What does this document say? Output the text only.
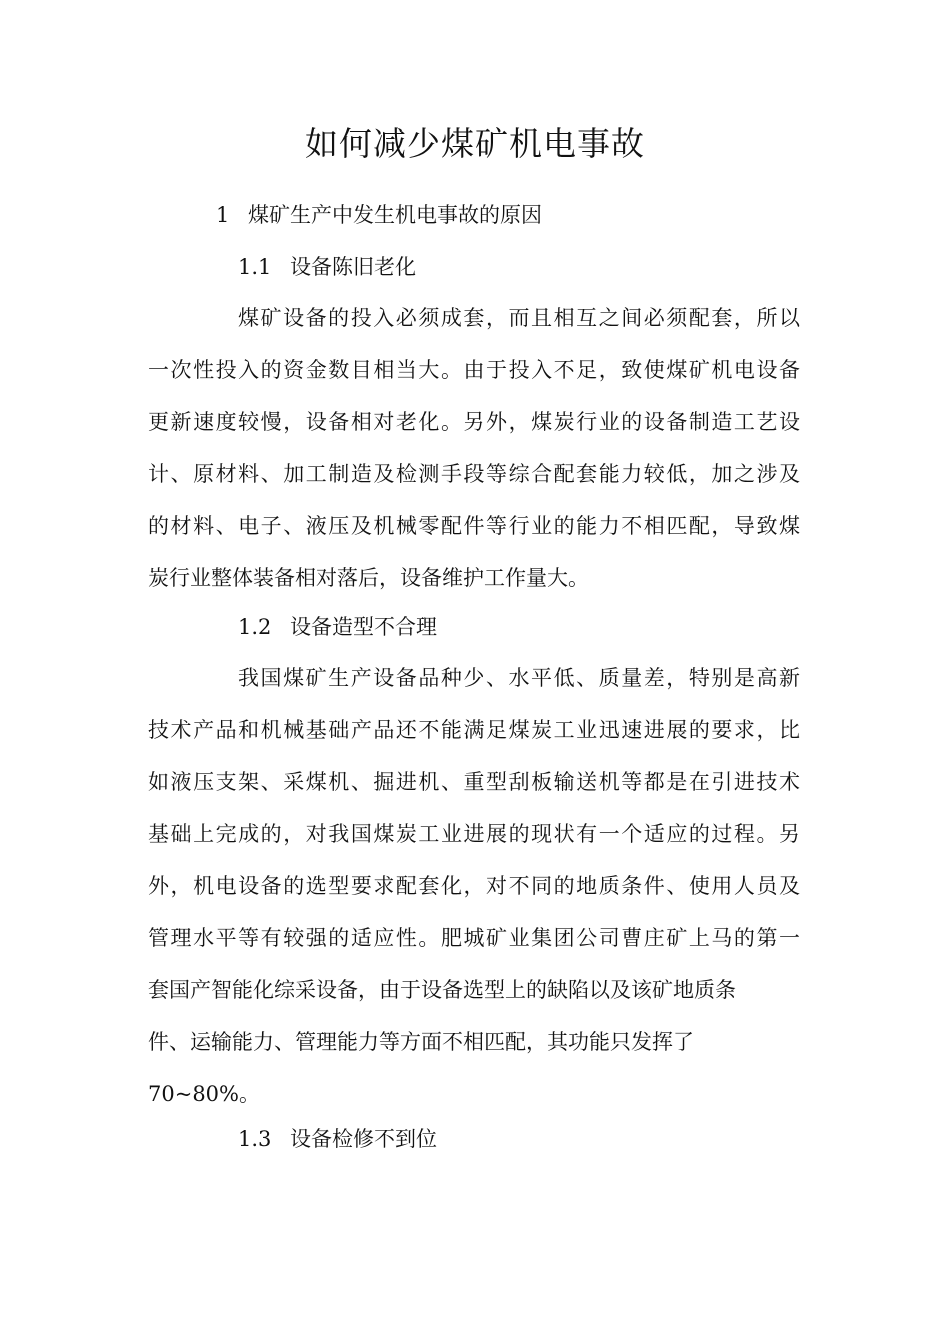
如何减少煤矿机电事故
1 煤矿生产中发生机电事故的原因
1.1 设备陈旧老化
煤矿设备的投入必须成套，而且相互之间必须配套，所以
一次性投入的资金数目相当大。由于投入不足，致使煤矿机电设备
更新速度较慢，设备相对老化。另外，煤炭行业的设备制造工艺设
计、原材料、加工制造及检测手段等综合配套能力较低，加之涉及
的材料、电子、液压及机械零配件等行业的能力不相匹配，导致煤
炭行业整体装备相对落后，设备维护工作量大。
1.2 设备造型不合理
我国煤矿生产设备品种少、水平低、质量差，特别是高新
技术产品和机械基础产品还不能满足煤炭工业迅速进展的要求，比
如液压支架、采煤机、掘进机、重型刮板输送机等都是在引进技术
基础上完成的，对我国煤炭工业进展的现状有一个适应的过程。另
外，机电设备的选型要求配套化，对不同的地质条件、使用人员及
管理水平等有较强的适应性。肥城矿业集团公司曹庄矿上马的第一
套国产智能化综采设备，由于设备选型上的缺陷以及该矿地质条
件、运输能力、管理能力等方面不相匹配，其功能只发挥了
70~80%。
1.3 设备检修不到位
